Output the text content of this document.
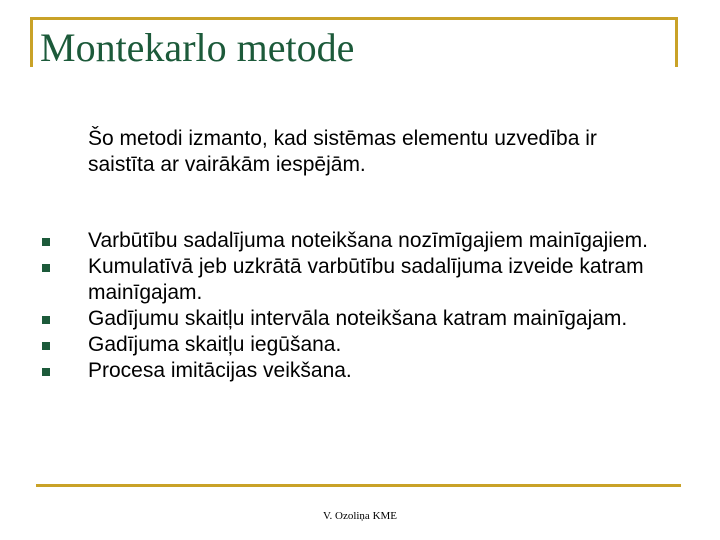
Montekarlo metode
Šo metodi izmanto, kad sistēmas elementu uzvedība ir saistīta ar vairākām iespējām.
Varbūtību sadalījuma noteikšana nozīmīgajiem mainīgajiem.
Kumulatīvā jeb uzkrātā varbūtību sadalījuma izveide katram mainīgajam.
Gadījumu skaitļu intervāla noteikšana katram mainīgajam.
Gadījuma skaitļu iegūšana.
Procesa imitācijas veikšana.
V. Ozoliņa KME
